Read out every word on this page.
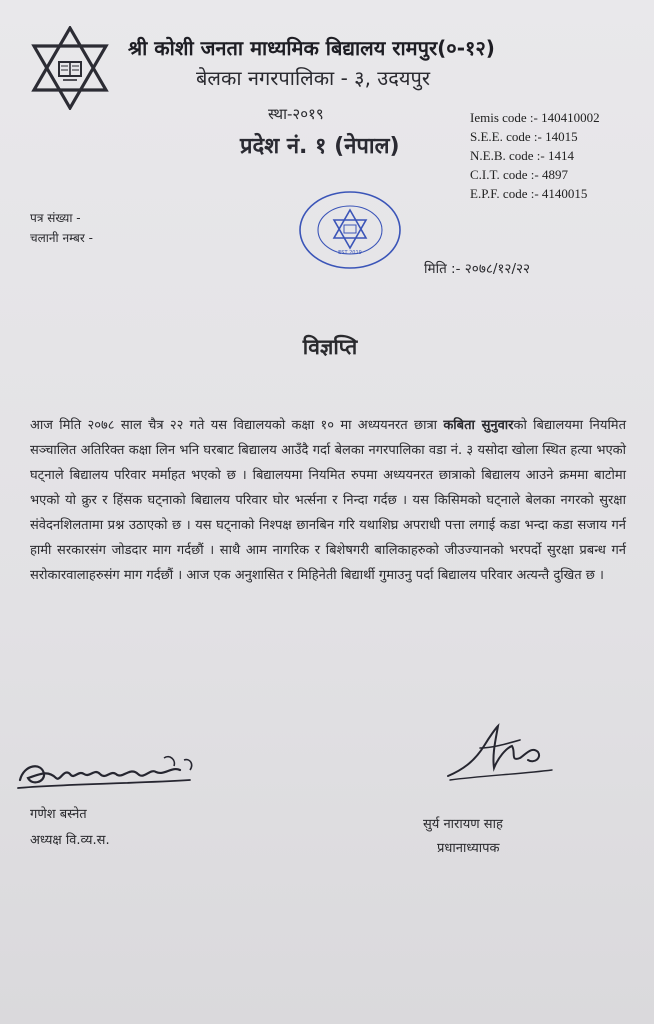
श्री कोशी जनता माध्यमिक बिद्यालय रामपुर(०-१२)
बेलका नगरपालिका - ३, उदयपुर
स्था-२०१९
प्रदेश नं. १ (नेपाल)
Iemis code :- 140410002
S.E.E. code :- 14015
N.E.B. code :- 1414
C.I.T. code :- 4897
E.P.F. code :- 4140015
पत्र संख्या -
चलानी नम्बर -
EST 2019
मिति :- २०७८/१२/२२
विज्ञप्ति

आज मिति २०७८ साल चैत्र २२ गते यस विद्यालयको कक्षा १० मा अध्ययनरत छात्रा कबिता सुनुवारको बिद्यालयमा नियमित सञ्चालित अतिरिक्त कक्षा लिन भनि घरबाट बिद्यालय आउँदै गर्दा बेलका नगरपालिका वडा नं. ३ यसोदा खोला स्थित हत्या भएको घट्नाले बिद्यालय परिवार मर्माहत भएको छ । बिद्यालयमा नियमित रुपमा अध्ययनरत छात्राको बिद्यालय आउने क्रममा बाटोमा भएको यो क्रुर र हिंसक घट्नाको बिद्यालय परिवार घोर भर्त्सना र निन्दा गर्दछ । यस किसिमको घट्नाले बेलका नगरको सुरक्षा संवेदनशिलतामा प्रश्न उठाएको छ । यस घट्नाको निश्पक्ष छानबिन गरि यथाशिघ्र अपराधी पत्ता लगाई कडा भन्दा कडा सजाय गर्न हामी सरकारसंग जोडदार माग गर्दछौं । साथै आम नागरिक र बिशेषगरी बालिकाहरुको जीउज्यानको भरपर्दो सुरक्षा प्रबन्ध गर्न सरोकारवालाहरुसंग माग गर्दछौं । आज एक अनुशासित र मिहिनेती बिद्यार्थी गुमाउनु पर्दा बिद्यालय परिवार अत्यन्तै दुखित छ ।

गणेश बस्नेत
अध्यक्ष वि.व्य.स.
सुर्य नारायण साह
प्रधानाध्यापक
